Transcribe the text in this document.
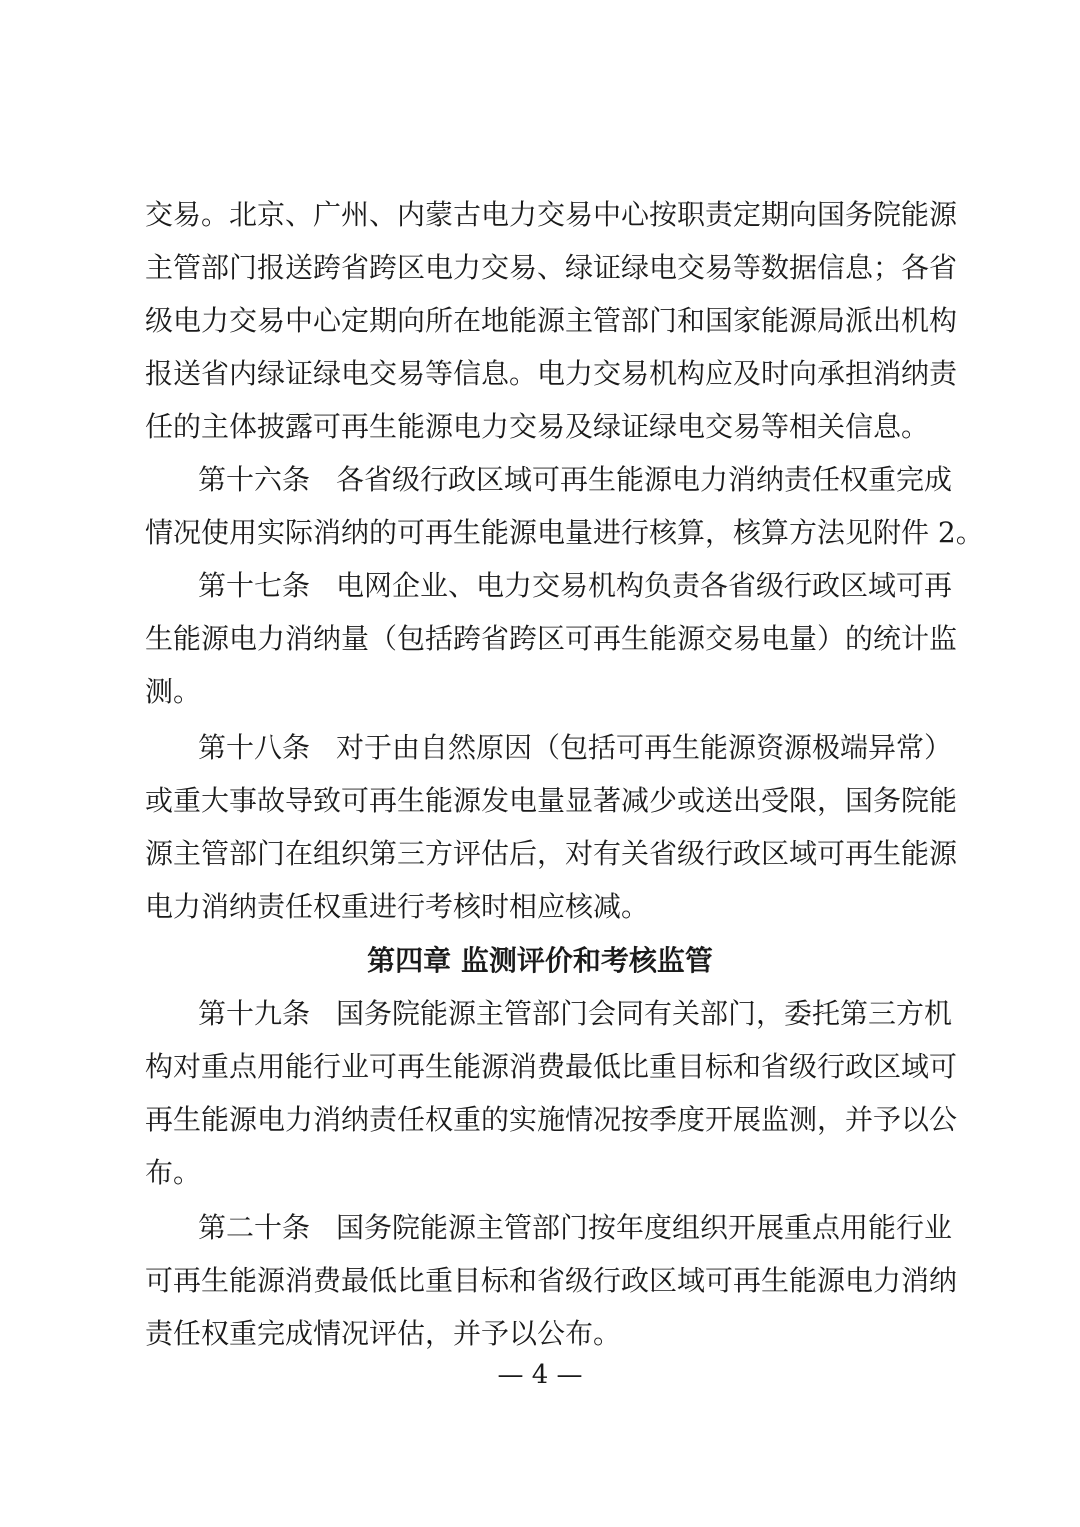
交易。北京、广州、内蒙古电力交易中心按职责定期向国务院能源
主管部门报送跨省跨区电力交易、绿证绿电交易等数据信息；各省
级电力交易中心定期向所在地能源主管部门和国家能源局派出机构
报送省内绿证绿电交易等信息。电力交易机构应及时向承担消纳责
任的主体披露可再生能源电力交易及绿证绿电交易等相关信息。
第十六条 各省级行政区域可再生能源电力消纳责任权重完成
情况使用实际消纳的可再生能源电量进行核算，核算方法见附件 2。
第十七条 电网企业、电力交易机构负责各省级行政区域可再
生能源电力消纳量（包括跨省跨区可再生能源交易电量）的统计监
测。
第十八条 对于由自然原因（包括可再生能源资源极端异常）
或重大事故导致可再生能源发电量显著减少或送出受限，国务院能
源主管部门在组织第三方评估后，对有关省级行政区域可再生能源
电力消纳责任权重进行考核时相应核减。
第四章 监测评价和考核监管
第十九条 国务院能源主管部门会同有关部门，委托第三方机
构对重点用能行业可再生能源消费最低比重目标和省级行政区域可
再生能源电力消纳责任权重的实施情况按季度开展监测，并予以公
布。
第二十条 国务院能源主管部门按年度组织开展重点用能行业
可再生能源消费最低比重目标和省级行政区域可再生能源电力消纳
责任权重完成情况评估，并予以公布。
— 4 —
